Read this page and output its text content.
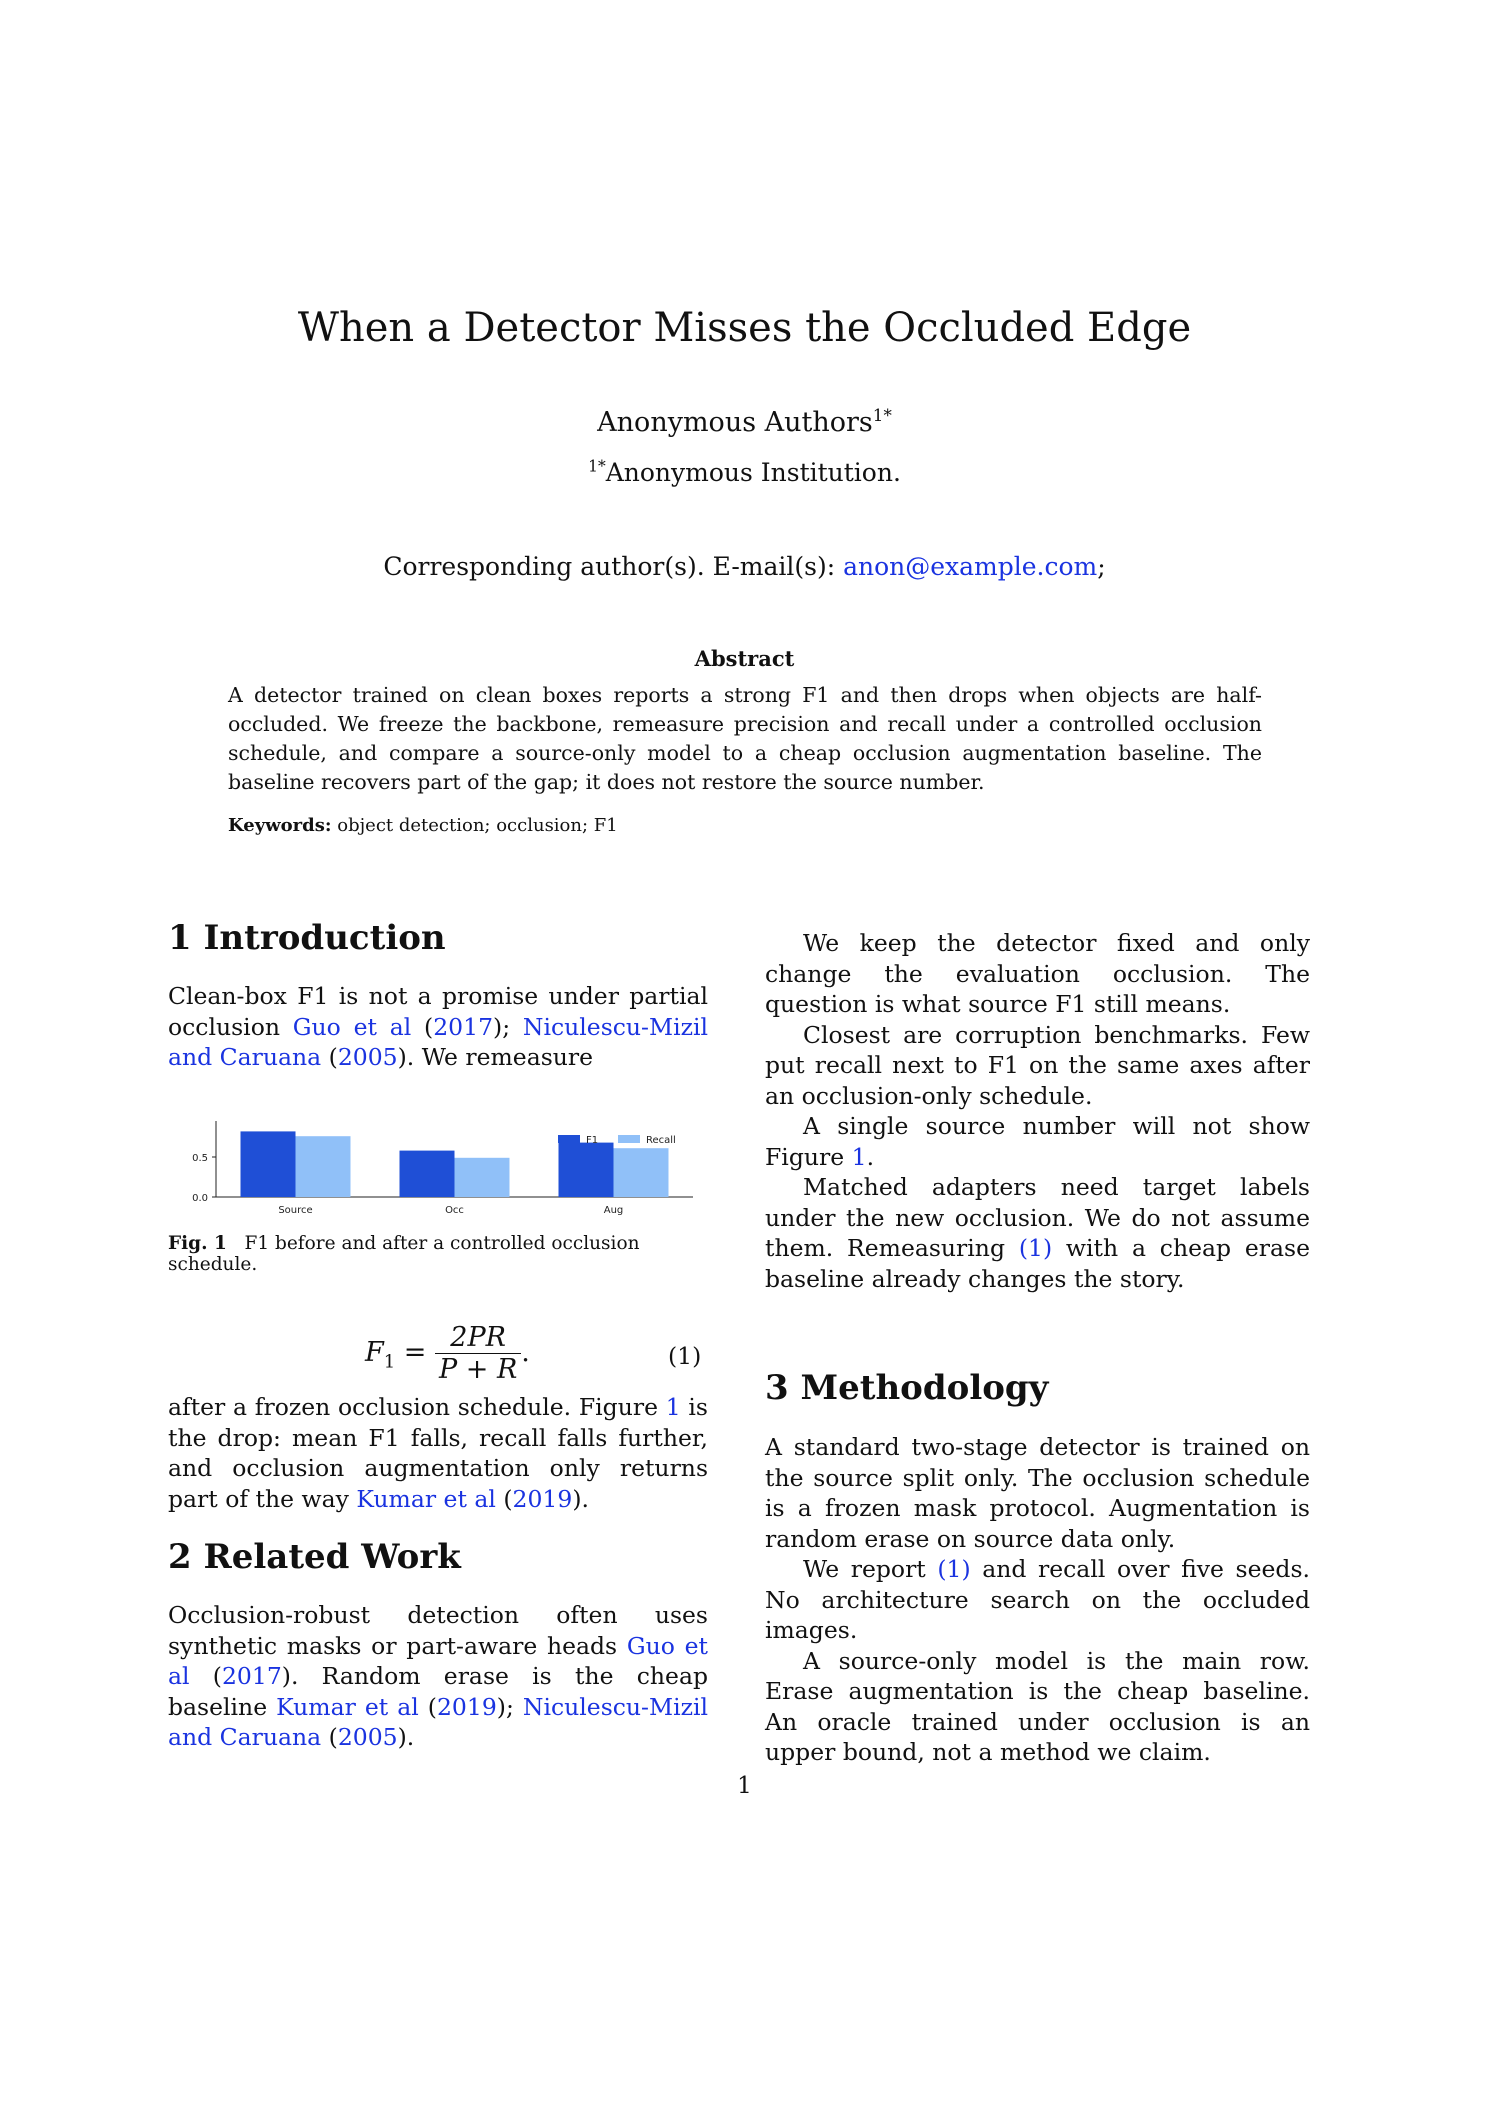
When a Detector Misses the Occluded Edge
Anonymous Authors$^{1*}$
$^{1*}$Anonymous Institution.
Corresponding author(s). E-mail(s): anon@example.com;
Abstract

A detector trained on clean boxes reports a strong F1 and then drops when objects are half-occluded. We freeze the backbone, remeasure precision and recall under a controlled occlusion schedule, and compare a source-only model to a cheap occlusion augmentation baseline. The baseline recovers part of the gap; it does not restore the source number.

Keywords: object detection; occlusion; F1
1 Introduction

Clean-box F1 is not a promise under partial occlusion Guo et al (2017); Niculescu-Mizil and Caruana (2005). We remeasure

0.0
0.5
Source	Occ	Aug
F1	Recall
Fig. 1 F1 before and after a controlled occlusion schedule.
$F_1 = \frac{2PR}{P + R}$ .	(1)

after a frozen occlusion schedule. Figure 1 is the drop: mean F1 falls, recall falls further, and occlusion augmentation only returns part of the way Kumar et al (2019).

2 Related Work

Occlusion-robust detection often uses synthetic masks or part-aware heads Guo et al (2017). Random erase is the cheap baseline Kumar et al (2019); Niculescu-Mizil and Caruana (2005).

We keep the detector fixed and only change the evaluation occlusion. The question is what source F1 still means.

Closest are corruption benchmarks. Few put recall next to F1 on the same axes after an occlusion-only schedule.

A single source number will not show Figure 1.

Matched adapters need target labels under the new occlusion. We do not assume them. Remeasuring (1) with a cheap erase baseline already changes the story.

3 Methodology

A standard two-stage detector is trained on the source split only. The occlusion schedule is a frozen mask protocol. Augmentation is random erase on source data only.

We report (1) and recall over five seeds. No architecture search on the occluded images.

A source-only model is the main row. Erase augmentation is the cheap baseline. An oracle trained under occlusion is an upper bound, not a method we claim.

1
